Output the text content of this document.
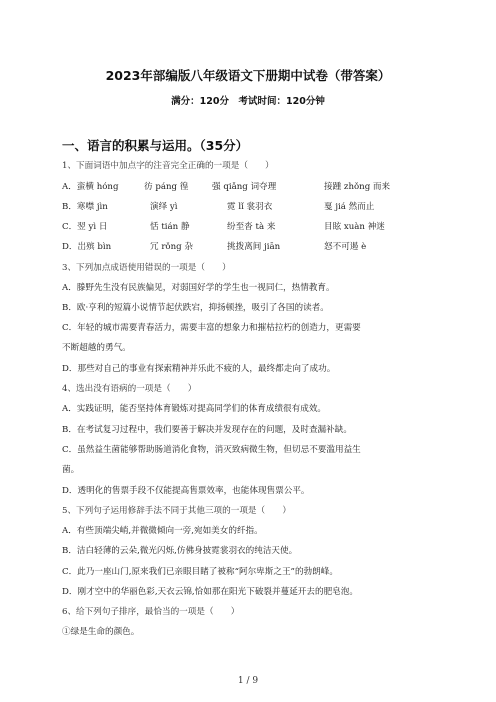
2023年部编版八年级语文下册期中试卷（带答案）
满分：120分　考试时间：120分钟
一、语言的积累与运用。（35分）
1、下面词语中加点字的注音完全正确的一项是（　　）
A．蛮横 hóng	彷 páng 徨	强 qiǎng 词夺理	接踵 zhǒng 而来
B．寒噤 jìn	演绎 yì	霓 lǐ 裳羽衣	戛 jiá 然而止
C．翌 yì 日	恬 tián 静	纷至沓 tà 来	目眩 xuàn 神迷
D．岀殡 bìn	冗 rǒng 杂	挑拨离间 jiān	怒不可遏 è
3、下列加点成语使用错误的一项是（　　）
A．滕野先生没有民族偏见，对弱国好学的学生也一视同仁，热情教育。
B．欧·亨利的短篇小说情节起伏跌宕，抑扬顿挫，吸引了各国的读者。
C．年轻的城市需要青春活力，需要丰富的想象力和摧枯拉朽的创造力，更需要
不断超越的勇气。
D．那些对自己的事业有探索精神并乐此不疲的人，最终都走向了成功。
4、选出没有语病的一项是（　　）
A．实践证明，能否坚持体育锻炼对提高同学们的体育成绩很有成效。
B．在考试复习过程中，我们要善于解决并发现存在的问题，及时查漏补缺。
C．虽然益生菌能够帮助肠道消化食物，消灭致病微生物，但切忌不要滥用益生
菌。
D．透明化的售票手段不仅能提高售票效率，也能体现售票公平。
5、下列句子运用修辞手法不同于其他三项的一项是（　　）
A．有些顶端尖峭,并微微倾向一旁,宛如美女的纤指。
B．洁白轻薄的云朵,微光闪烁,仿佛身披霓裳羽衣的纯洁天使。
C．此乃一座山门,原来我们已亲眼目睹了被称“阿尔卑斯之王”的勃朗峰。
D．刚才空中的华丽色彩,天衣云锦,恰如那在阳光下破裂并蔓延开去的肥皂泡。
6、给下列句子排序，最恰当的一项是（　　）
①绿是生命的颜色。
1 / 9
